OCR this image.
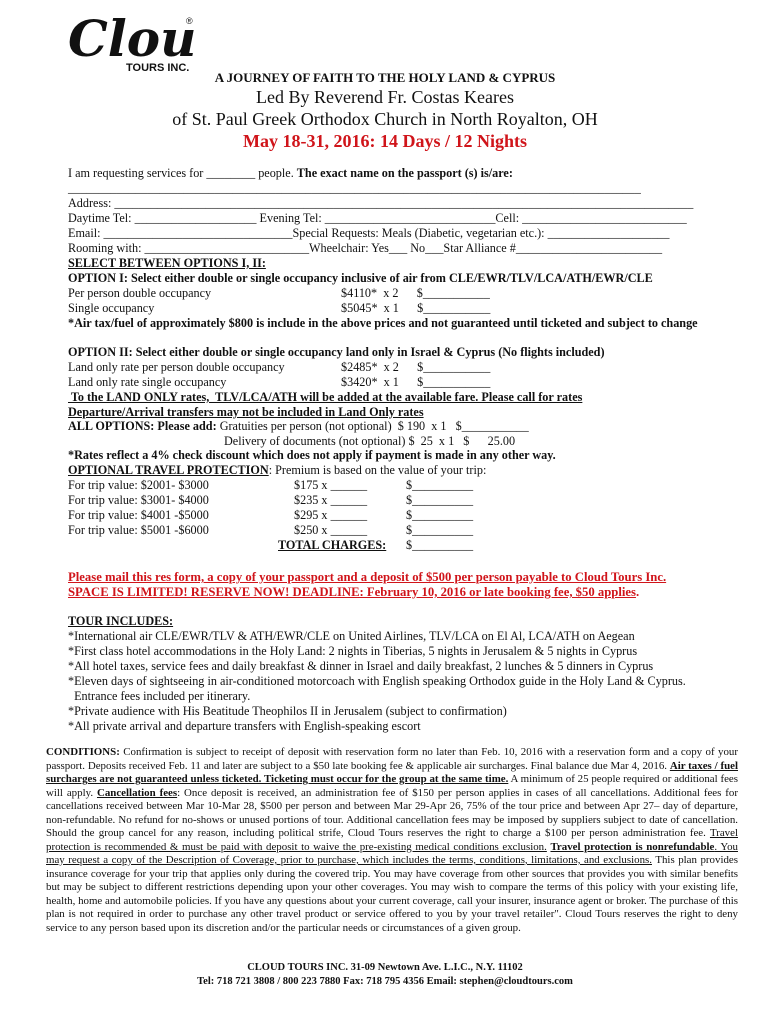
Clou
TOURS INC.
®
A JOURNEY OF FAITH TO THE HOLY LAND & CYPRUS
Led By Reverend Fr. Costas Keares
of St. Paul Greek Orthodox Church in North Royalton, OH
May 18-31, 2016: 14 Days / 12 Nights
I am requesting services for ________ people. The exact name on the passport (s) is/are:
______________________________________________________________________________________________
Address: _______________________________________________________________________________________________
Daytime Tel: ____________________ Evening Tel: ____________________________Cell: ___________________________
Email: _______________________________Special Requests: Meals (Diabetic, vegetarian etc.): ____________________
Rooming with: ___________________________Wheelchair: Yes___ No___Star Alliance #________________________
SELECT BETWEEN OPTIONS I, II:
OPTION I: Select either double or single occupancy inclusive of air from CLE/EWR/TLV/LCA/ATH/EWR/CLE
Per person double occupancy	$4110*  x 2      $___________
Single occupancy	$5045*  x 1      $___________
*Air tax/fuel of approximately $800 is include in the above prices and not guaranteed until ticketed and subject to change
OPTION II: Select either double or single occupancy land only in Israel & Cyprus (No flights included)
Land only rate per person double occupancy	$2485*  x 2      $___________
Land only rate single occupancy	$3420*  x 1      $___________
To the LAND ONLY rates,  TLV/LCA/ATH will be added at the available fare. Please call for rates
Departure/Arrival transfers may not be included in Land Only rates
ALL OPTIONS: Please add: Gratuities per person (not optional)  $ 190  x 1   $___________
Delivery of documents (not optional) $  25  x 1   $      25.00
*Rates reflect a 4% check discount which does not apply if payment is made in any other way.
OPTIONAL TRAVEL PROTECTION: Premium is based on the value of your trip:
For trip value: $2001- $3000	$175 x ______	$__________
For trip value: $3001- $4000	$235 x ______	$__________
For trip value: $4001 -$5000	$295 x ______	$__________
For trip value: $5001 -$6000	$250 x ______	$__________
TOTAL CHARGES: $__________
Please mail this res form, a copy of your passport and a deposit of $500 per person payable to Cloud Tours Inc.
SPACE IS LIMITED! RESERVE NOW! DEADLINE: February 10, 2016 or late booking fee, $50 applies.
TOUR INCLUDES:
*International air CLE/EWR/TLV & ATH/EWR/CLE on United Airlines, TLV/LCA on El Al, LCA/ATH on Aegean
*First class hotel accommodations in the Holy Land: 2 nights in Tiberias, 5 nights in Jerusalem & 5 nights in Cyprus
*All hotel taxes, service fees and daily breakfast & dinner in Israel and daily breakfast, 2 lunches & 5 dinners in Cyprus
*Eleven days of sightseeing in air-conditioned motorcoach with English speaking Orthodox guide in the Holy Land & Cyprus.
Entrance fees included per itinerary.
*Private audience with His Beatitude Theophilos II in Jerusalem (subject to confirmation)
*All private arrival and departure transfers with English-speaking escort
CONDITIONS: Confirmation is subject to receipt of deposit with reservation form no later than Feb. 10, 2016 with a reservation form and a copy of your passport. Deposits received Feb. 11 and later are subject to a $50 late booking fee & applicable air surcharges. Final balance due Mar 4, 2016. Air taxes / fuel surcharges are not guaranteed unless ticketed. Ticketing must occur for the group at the same time. A minimum of 25 people required or additional fees will apply. Cancellation fees: Once deposit is received, an administration fee of $150 per person applies in cases of all cancellations. Additional fees for cancellations received between Mar 10-Mar 28, $500 per person and between Mar 29-Apr 26, 75% of the tour price and between Apr 27– day of departure, non-refundable. No refund for no-shows or unused portions of tour. Additional cancellation fees may be imposed by suppliers subject to date of cancellation. Should the group cancel for any reason, including political strife, Cloud Tours reserves the right to charge a $100 per person administration fee. Travel protection is recommended & must be paid with deposit to waive the pre-existing medical conditions exclusion. Travel protection is nonrefundable. You may request a copy of the Description of Coverage, prior to purchase, which includes the terms, conditions, limitations, and exclusions. This plan provides insurance coverage for your trip that applies only during the covered trip. You may have coverage from other sources that provides you with similar benefits but may be subject to different restrictions depending upon your other coverages. You may wish to compare the terms of this policy with your existing life, health, home and automobile policies. If you have any questions about your current coverage, call your insurer, insurance agent or broker. The purchase of this plan is not required in order to purchase any other travel product or service offered to you by your travel retailer". Cloud Tours reserves the right to deny service to any person based upon its discretion and/or the particular needs or circumstances of a given group.
CLOUD TOURS INC. 31-09 Newtown Ave. L.I.C., N.Y. 11102
Tel: 718 721 3808 / 800 223 7880 Fax: 718 795 4356 Email: stephen@cloudtours.com
